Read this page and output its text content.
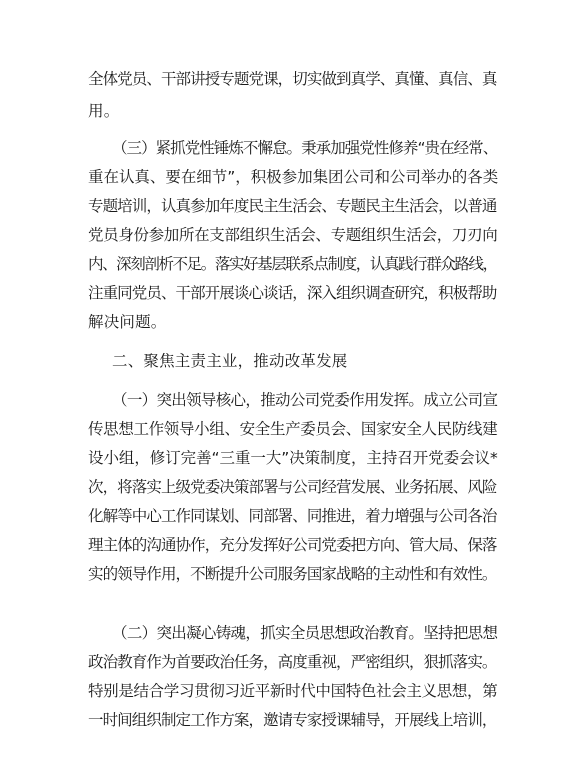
全体党员、干部讲授专题党课，切实做到真学、真懂、真信、真
用。
（三）紧抓党性锤炼不懈怠。秉承加强党性修养“贵在经常、
重在认真、要在细节”，积极参加集团公司和公司举办的各类
专题培训，认真参加年度民主生活会、专题民主生活会，以普通
党员身份参加所在支部组织生活会、专题组织生活会，刀刃向
内、深刻剖析不足。落实好基层联系点制度，认真践行群众路线，
注重同党员、干部开展谈心谈话，深入组织调查研究，积极帮助
解决问题。
二、聚焦主责主业，推动改革发展
（一）突出领导核心，推动公司党委作用发挥。成立公司宣
传思想工作领导小组、安全生产委员会、国家安全人民防线建
设小组，修订完善“三重一大”决策制度，主持召开党委会议*
次，将落实上级党委决策部署与公司经营发展、业务拓展、风险
化解等中心工作同谋划、同部署、同推进，着力增强与公司各治
理主体的沟通协作，充分发挥好公司党委把方向、管大局、保落
实的领导作用，不断提升公司服务国家战略的主动性和有效性。
（二）突出凝心铸魂，抓实全员思想政治教育。坚持把思想
政治教育作为首要政治任务，高度重视，严密组织，狠抓落实。
特别是结合学习贯彻习近平新时代中国特色社会主义思想，第
一时间组织制定工作方案，邀请专家授课辅导，开展线上培训，
